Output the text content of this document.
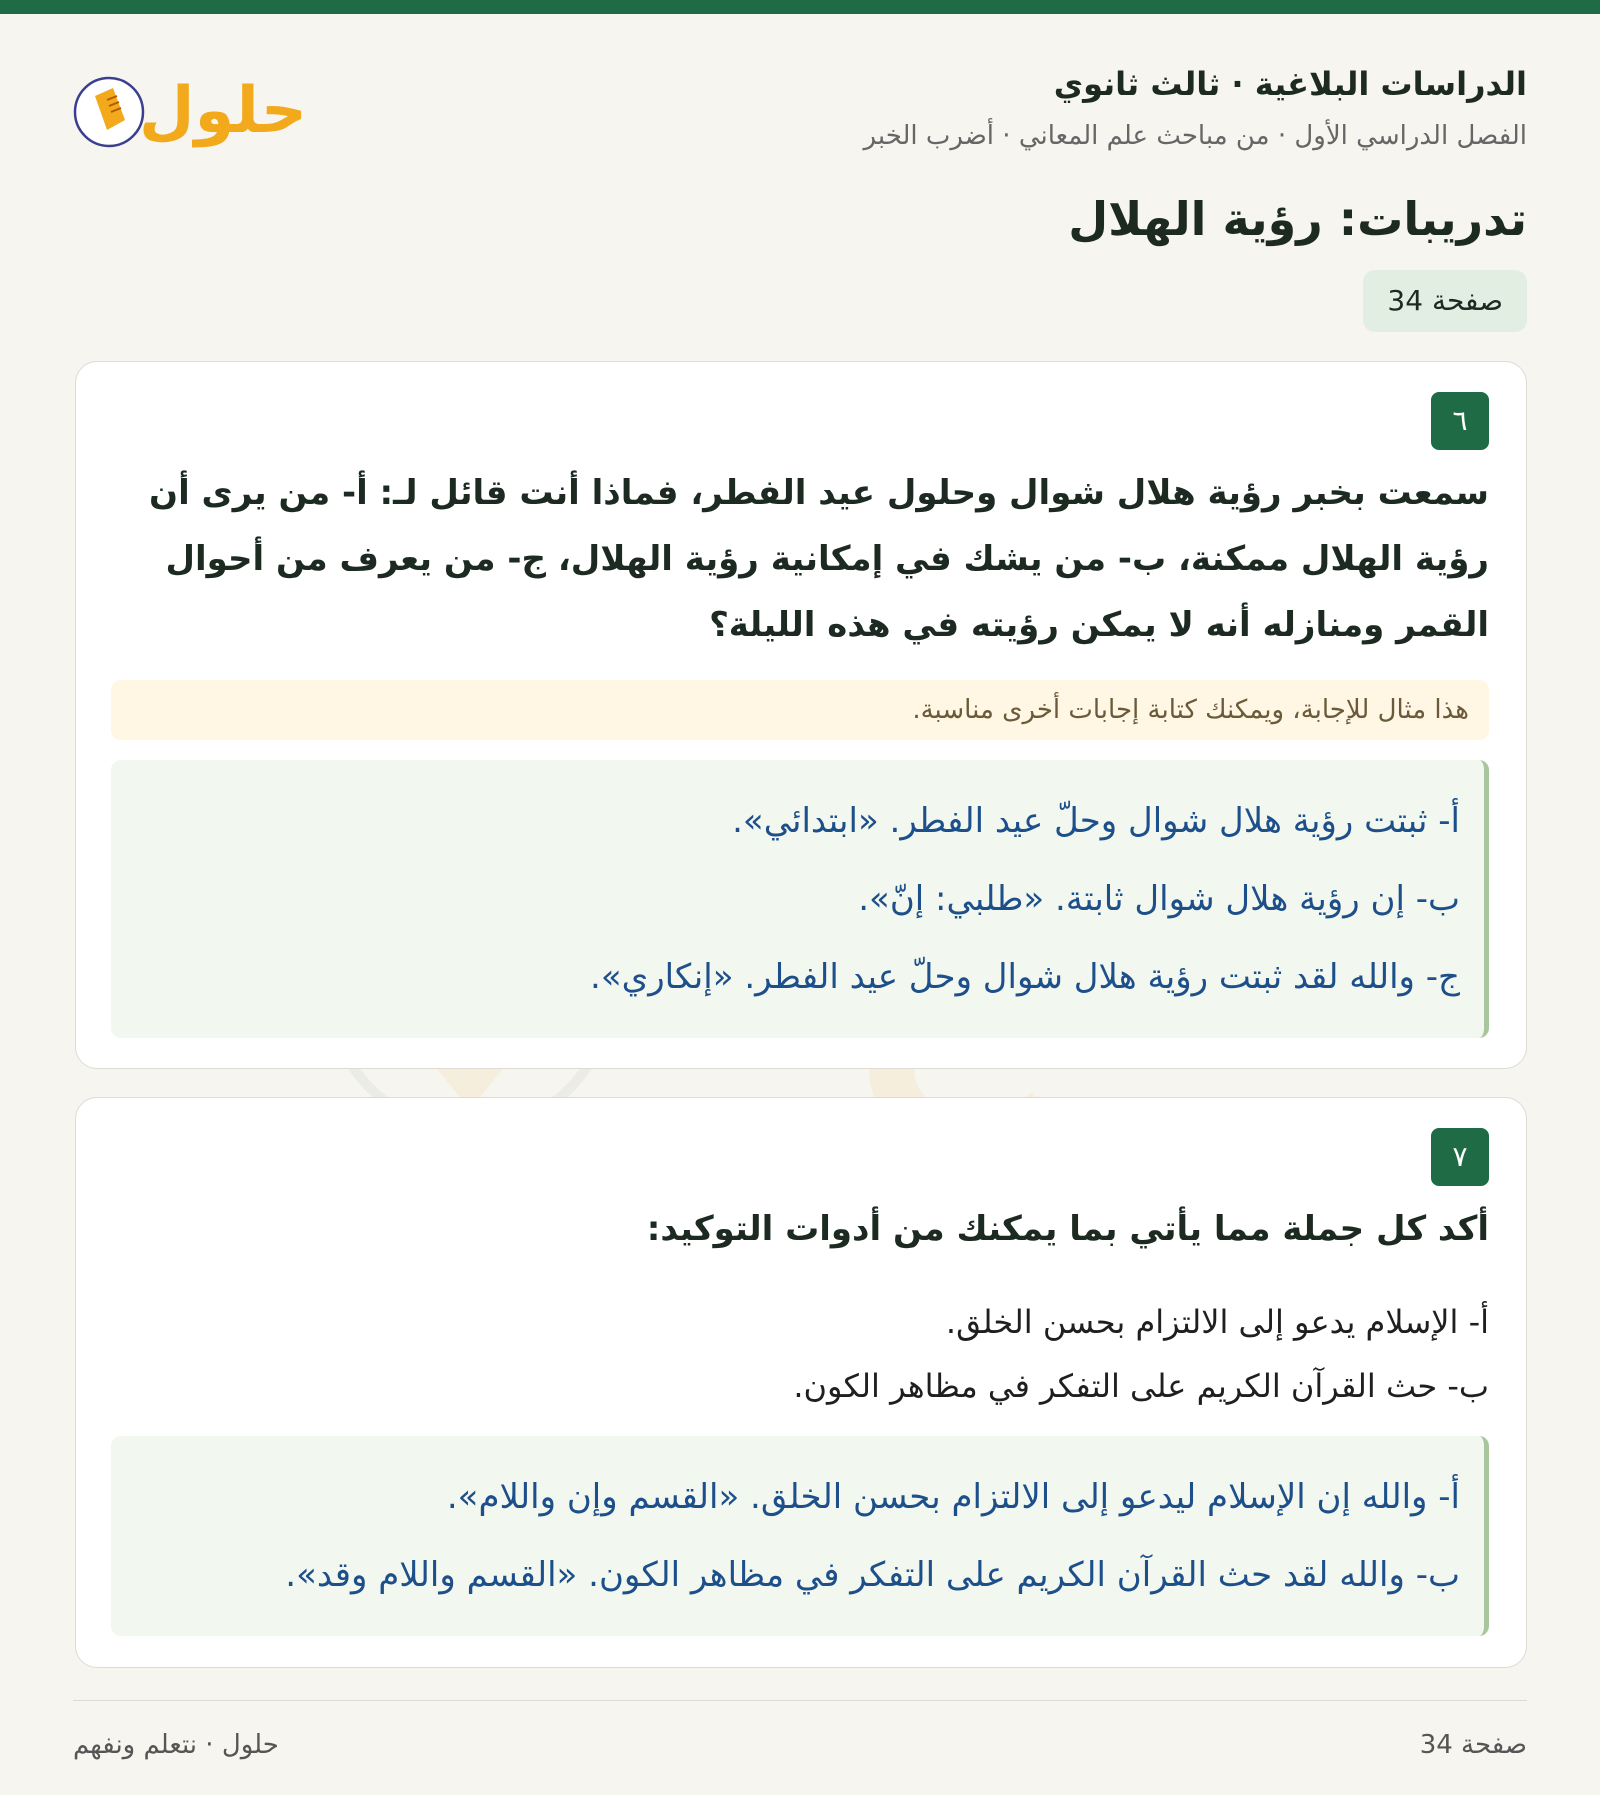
الدراسات البلاغية · ثالث ثانوي
الفصل الدراسي الأول · من مباحث علم المعاني · أضرب الخبر
حلول
تدريبات: رؤية الهلال
صفحة 34
٦
سمعت بخبر رؤية هلال شوال وحلول عيد الفطر، فماذا أنت قائل لـ: أ- من يرى أن رؤية الهلال ممكنة، ب- من يشك في إمكانية رؤية الهلال، ج- من يعرف من أحوال القمر ومنازله أنه لا يمكن رؤيته في هذه الليلة؟
هذا مثال للإجابة، ويمكنك كتابة إجابات أخرى مناسبة.
أ- ثبتت رؤية هلال شوال وحلّ عيد الفطر. «ابتدائي».
ب- إن رؤية هلال شوال ثابتة. «طلبي: إنّ».
ج- والله لقد ثبتت رؤية هلال شوال وحلّ عيد الفطر. «إنكاري».
٧
أكد كل جملة مما يأتي بما يمكنك من أدوات التوكيد:
أ- الإسلام يدعو إلى الالتزام بحسن الخلق.
ب- حث القرآن الكريم على التفكر في مظاهر الكون.
أ- والله إن الإسلام ليدعو إلى الالتزام بحسن الخلق. «القسم وإن واللام».
ب- والله لقد حث القرآن الكريم على التفكر في مظاهر الكون. «القسم واللام وقد».
صفحة 34
حلول · نتعلم ونفهم
